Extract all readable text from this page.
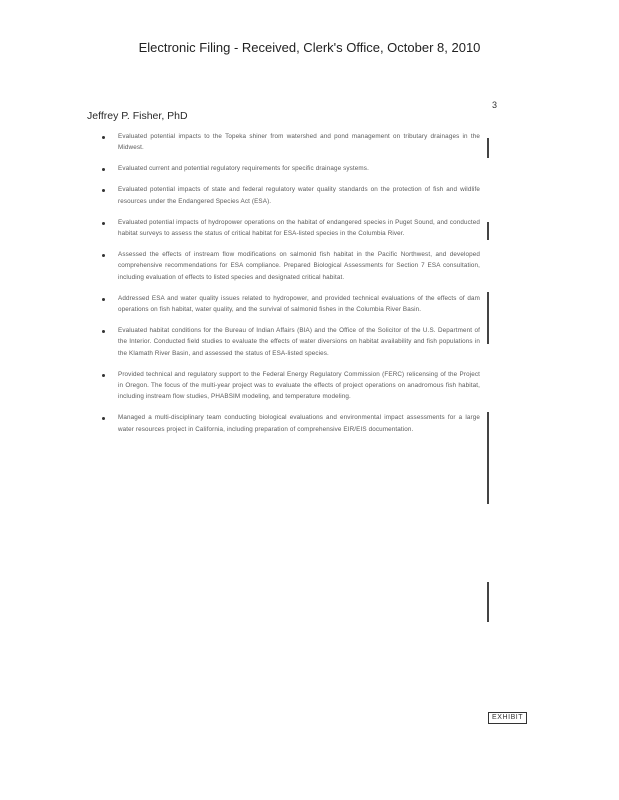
Electronic Filing - Received, Clerk's Office, October 8, 2010
3
Jeffrey P. Fisher, PhD
Evaluated potential impacts to the Topeka shiner from watershed and pond management on tributary drainages in the Midwest.
Evaluated current and potential regulatory requirements for specific drainage systems.
Evaluated potential impacts of state and federal regulatory water quality standards on the protection of fish and wildlife resources under the Endangered Species Act (ESA).
Evaluated potential impacts of hydropower operations on the habitat of endangered species in Puget Sound, and conducted habitat surveys to assess the status of critical habitat for ESA-listed species in the Columbia River.
Assessed the effects of instream flow modifications on salmonid fish habitat in the Pacific Northwest, and developed comprehensive recommendations for ESA compliance. Prepared Biological Assessments for Section 7 ESA consultation, including evaluation of effects to listed species and designated critical habitat.
Addressed ESA and water quality issues related to hydropower, and provided technical evaluations of the effects of dam operations on fish habitat, water quality, and the survival of salmonid fishes in the Columbia River Basin.
Evaluated habitat conditions for the Bureau of Indian Affairs (BIA) and the Office of the Solicitor of the U.S. Department of the Interior. Conducted field studies to evaluate the effects of water diversions on habitat availability and fish populations in the Klamath River Basin, and assessed the status of ESA-listed species.
Provided technical and regulatory support to the Federal Energy Regulatory Commission (FERC) relicensing of the Project in Oregon. The focus of the multi-year project was to evaluate the effects of project operations on anadromous fish habitat, including instream flow studies, PHABSIM modeling, and temperature modeling.
Managed a multi-disciplinary team conducting biological evaluations and environmental impact assessments for a large water resources project in California, including preparation of comprehensive EIR/EIS documentation.
EXHIBIT
